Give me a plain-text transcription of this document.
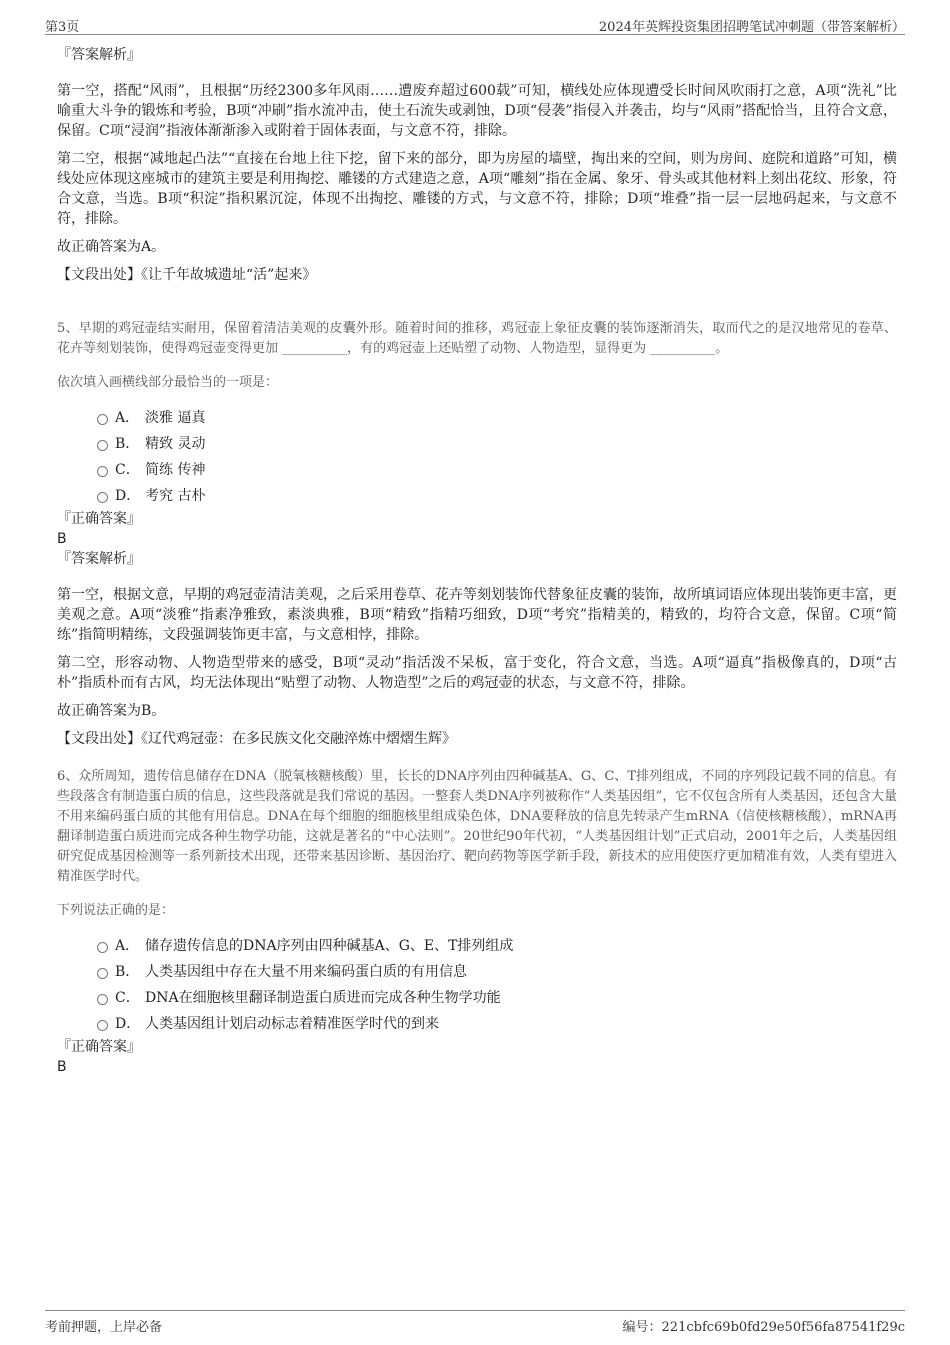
第3页	2024年英辉投资集团招聘笔试冲刺题（带答案解析）

『答案解析』

第一空，搭配“风雨”，且根据“历经2300多年风雨……遭废弃超过600载”可知，横线处应体现遭受长时间风吹雨打之意，A项“洗礼”比喻重大斗争的锻炼和考验，B项“冲刷”指水流冲击，使土石流失或剥蚀，D项“侵袭”指侵入并袭击，均与“风雨”搭配恰当，且符合文意，保留。C项“浸润”指液体渐渐渗入或附着于固体表面，与文意不符，排除。

第二空，根据“减地起凸法”“直接在台地上往下挖，留下来的部分，即为房屋的墙壁，掏出来的空间，则为房间、庭院和道路”可知，横线处应体现这座城市的建筑主要是利用掏挖、雕镂的方式建造之意，A项“雕刻”指在金属、象牙、骨头或其他材料上刻出花纹、形象，符合文意，当选。B项“积淀”指积累沉淀，体现不出掏挖、雕镂的方式，与文意不符，排除；D项“堆叠”指一层一层地码起来，与文意不符，排除。

故正确答案为A。

【文段出处】《让千年故城遗址“活”起来》

5、早期的鸡冠壶结实耐用，保留着清洁美观的皮囊外形。随着时间的推移，鸡冠壶上象征皮囊的装饰逐渐消失，取而代之的是汉地常见的卷草、花卉等刻划装饰，使得鸡冠壶变得更加 __________，有的鸡冠壶上还贴塑了动物、人物造型，显得更为 __________。

依次填入画横线部分最恰当的一项是：

A． 淡雅 逼真
B． 精致 灵动
C． 简练 传神
D． 考究 古朴

『正确答案』

B

『答案解析』

第一空，根据文意，早期的鸡冠壶清洁美观，之后采用卷草、花卉等刻划装饰代替象征皮囊的装饰，故所填词语应体现出装饰更丰富，更美观之意。A项“淡雅”指素净雅致，素淡典雅，B项“精致”指精巧细致，D项“考究”指精美的，精致的，均符合文意，保留。C项“简练”指简明精练，文段强调装饰更丰富，与文意相悖，排除。

第二空，形容动物、人物造型带来的感受，B项“灵动”指活泼不呆板，富于变化，符合文意，当选。A项“逼真”指极像真的，D项“古朴”指质朴而有古风，均无法体现出“贴塑了动物、人物造型”之后的鸡冠壶的状态，与文意不符，排除。

故正确答案为B。

【文段出处】《辽代鸡冠壶：在多民族文化交融淬炼中熠熠生辉》

6、众所周知，遗传信息储存在DNA（脱氧核糖核酸）里，长长的DNA序列由四种碱基A、G、C、T排列组成，不同的序列段记载不同的信息。有些段落含有制造蛋白质的信息，这些段落就是我们常说的基因。一整套人类DNA序列被称作“人类基因组”，它不仅包含所有人类基因，还包含大量不用来编码蛋白质的其他有用信息。DNA在每个细胞的细胞核里组成染色体，DNA要释放的信息先转录产生mRNA（信使核糖核酸），mRNA再翻译制造蛋白质进而完成各种生物学功能，这就是著名的“中心法则”。20世纪90年代初，“人类基因组计划”正式启动，2001年之后，人类基因组研究促成基因检测等一系列新技术出现，还带来基因诊断、基因治疗、靶向药物等医学新手段，新技术的应用使医疗更加精准有效，人类有望进入精准医学时代。

下列说法正确的是：

A． 储存遗传信息的DNA序列由四种碱基A、G、E、T排列组成
B． 人类基因组中存在大量不用来编码蛋白质的有用信息
C． DNA在细胞核里翻译制造蛋白质进而完成各种生物学功能
D． 人类基因组计划启动标志着精准医学时代的到来

『正确答案』

B

考前押题，上岸必备	编号：221cbfc69b0fd29e50f56fa87541f29c
